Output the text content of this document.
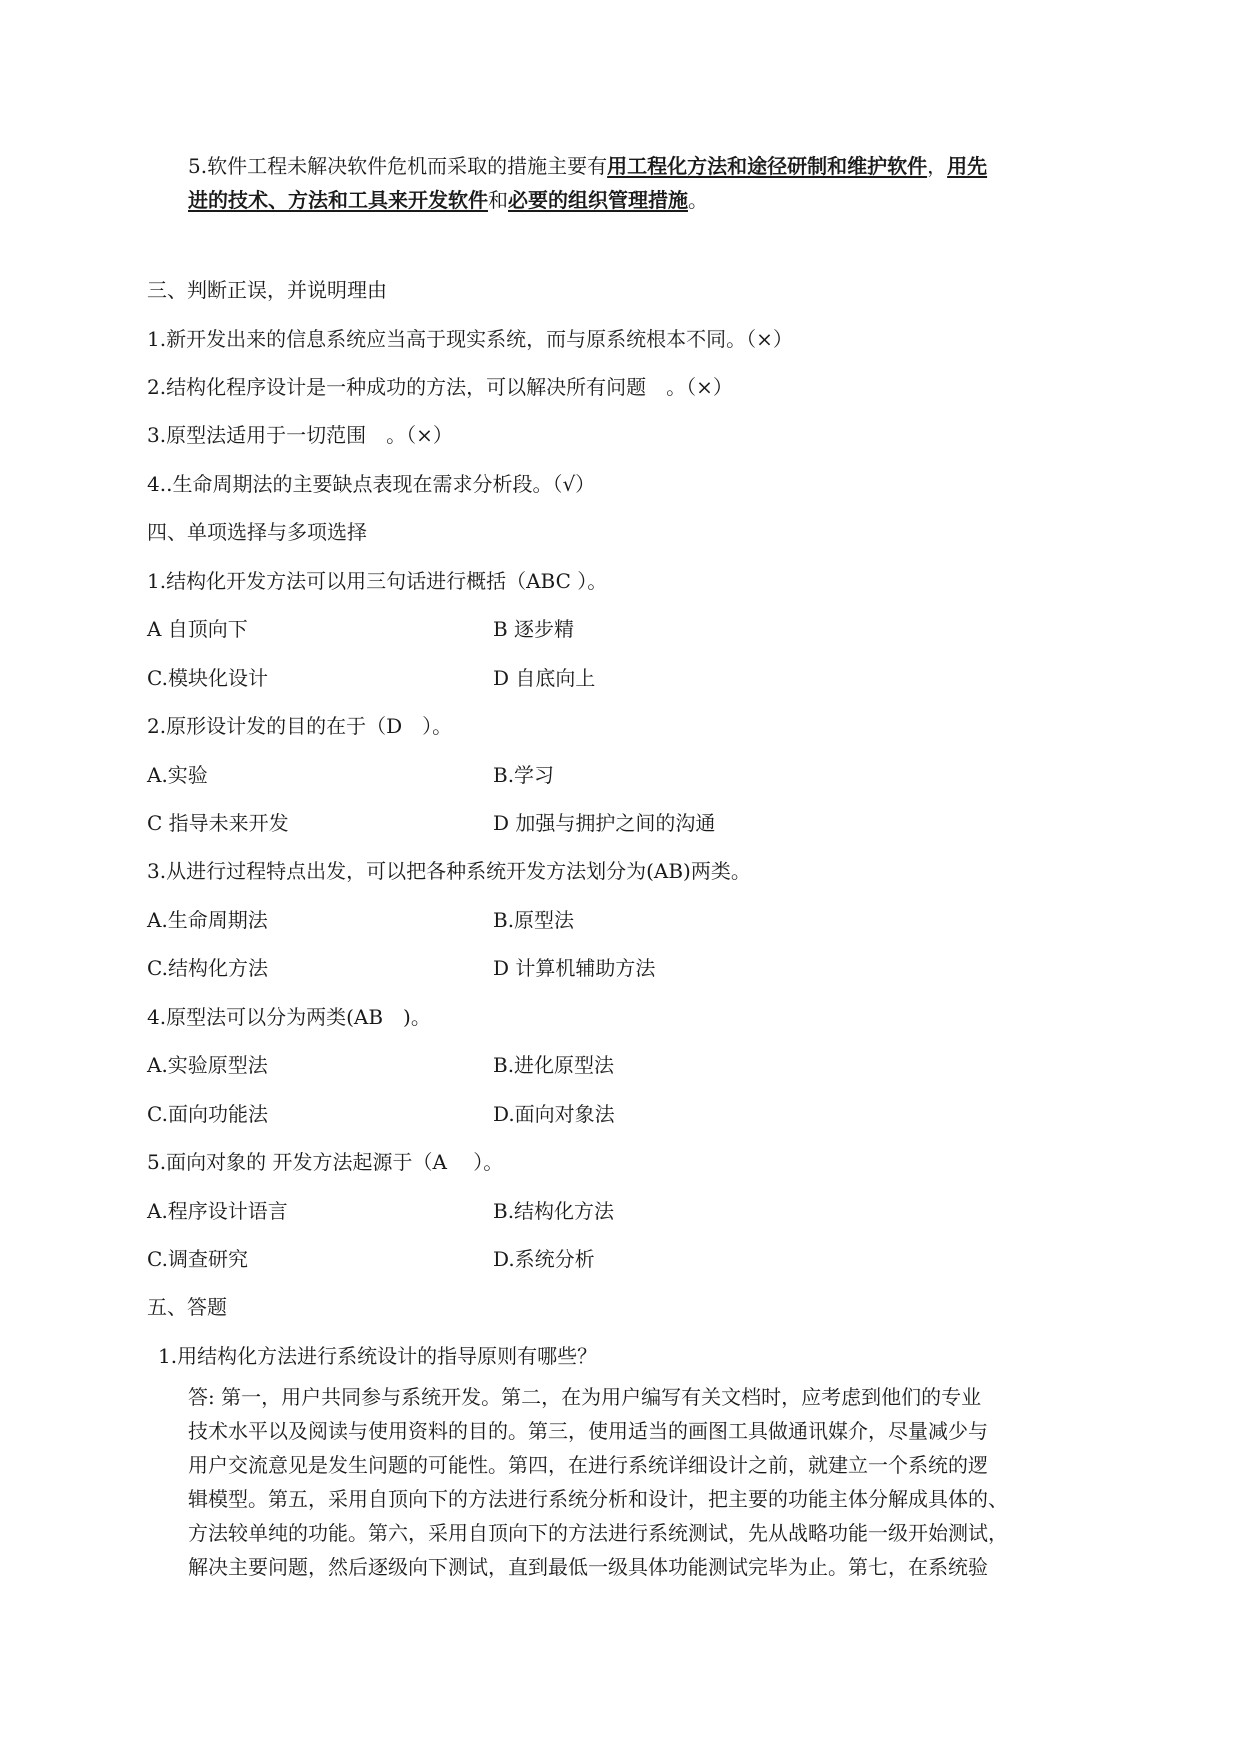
5.软件工程未解决软件危机而采取的措施主要有用工程化方法和途径研制和维护软件，用先
进的技术、方法和工具来开发软件和必要的组织管理措施。
三、判断正误，并说明理由
1.新开发出来的信息系统应当高于现实系统，而与原系统根本不同。（×）
2.结构化程序设计是一种成功的方法，可以解决所有问题　。（×）
3.原型法适用于一切范围　。（×）
4..生命周期法的主要缺点表现在需求分析段。（√）
四、单项选择与多项选择
1.结构化开发方法可以用三句话进行概括（ABC ）。
A 自顶向下	B 逐步精
C.模块化设计	D 自底向上
2.原形设计发的目的在于（D　）。
A.实验	B.学习
C 指导未来开发	D 加强与拥护之间的沟通
3.从进行过程特点出发，可以把各种系统开发方法划分为(AB)两类。
A.生命周期法	B.原型法
C.结构化方法	D 计算机辅助方法
4.原型法可以分为两类(AB　)。
A.实验原型法	B.进化原型法
C.面向功能法	D.面向对象法
5.面向对象的 开发方法起源于（A　 ）。
A.程序设计语言	B.结构化方法
C.调查研究	D.系统分析
五、答题
1.用结构化方法进行系统设计的指导原则有哪些？
答: 第一，用户共同参与系统开发。第二，在为用户编写有关文档时，应考虑到他们的专业
技术水平以及阅读与使用资料的目的。第三，使用适当的画图工具做通讯媒介，尽量减少与
用户交流意见是发生问题的可能性。第四，在进行系统详细设计之前，就建立一个系统的逻
辑模型。第五，采用自顶向下的方法进行系统分析和设计，把主要的功能主体分解成具体的、
方法较单纯的功能。第六，采用自顶向下的方法进行系统测试，先从战略功能一级开始测试，
解决主要问题，然后逐级向下测试，直到最低一级具体功能测试完毕为止。第七，在系统验
